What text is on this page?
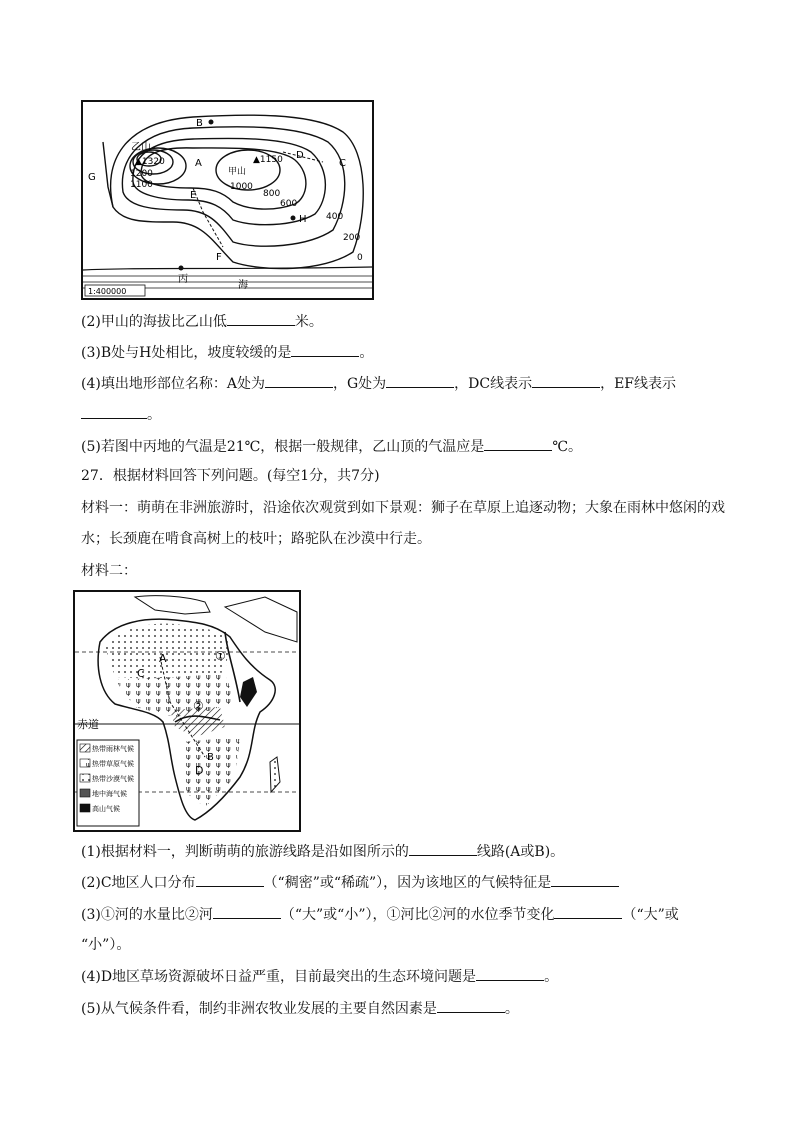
乙山
▲1320
甲山
▲1150
1200
1100	1000
800
600
400
200
0
A
B
C
D
E
F
G
H
丙
海
1:400000
(2)甲山的海拔比乙山低	米。
(3)B处与H处相比，坡度较缓的是	。
(4)填出地形部位名称：A处为	，G处为	，DC线表示	，EF线表示
。
(5)若图中丙地的气温是21℃，根据一般规律，乙山顶的气温应是	℃。
27．根据材料回答下列问题。(每空1分，共7分)
材料一：萌萌在非洲旅游时，沿途依次观赏到如下景观：狮子在草原上追逐动物；大象在雨林中悠闲的戏
水；长颈鹿在啃食高树上的枝叶；路驼队在沙漠中行走。
材料二：
赤道
A
B
C
D
①
②
热带雨林气候
热带草原气候
热带沙漠气候
地中海气候
高山气候
(1)根据材料一，判断萌萌的旅游线路是沿如图所示的	线路(A或B)。
(2)C地区人口分布	（“稠密”或“稀疏”），因为该地区的气候特征是
(3)①河的水量比②河	（“大”或“小”），①河比②河的水位季节变化	（“大”或
“小”）。
(4)D地区草场资源破坏日益严重，目前最突出的生态环境问题是	。
(5)从气候条件看，制约非洲农牧业发展的主要自然因素是	。
